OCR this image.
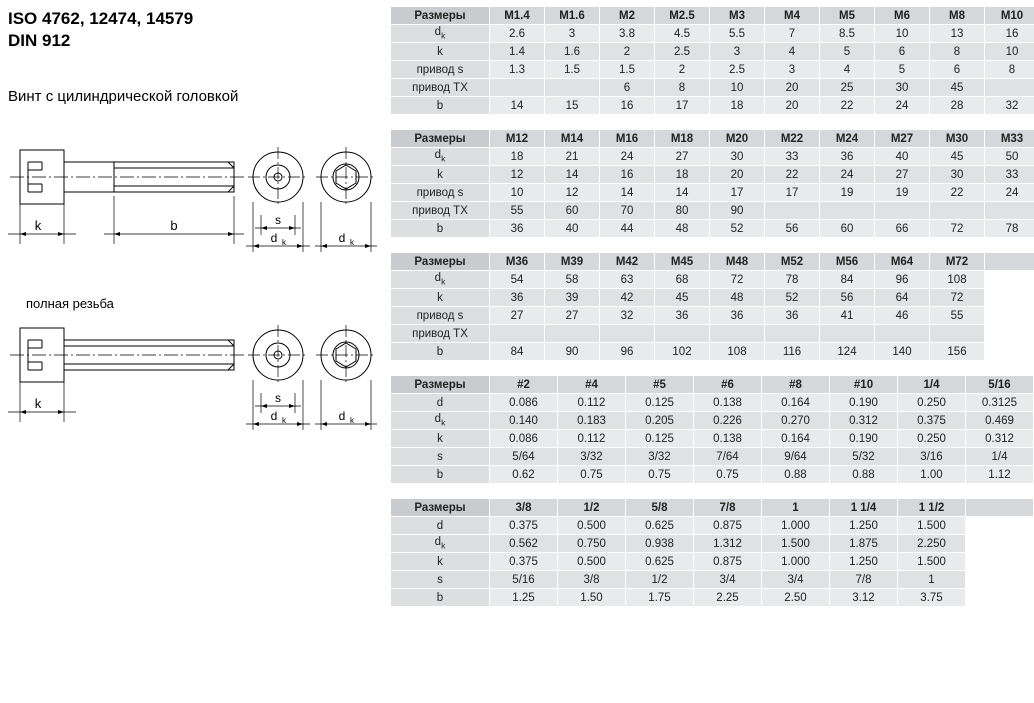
ISO 4762, 12474, 14579
DIN 912
Винт с цилиндрической головкой
k	b	s
d k	d k
полная резьба
k	s
d k	d k
Размеры	M1.4	M1.6	M2	M2.5	M3	M4	M5	M6	M8	M10
$d_k$	2.6	3	3.8	4.5	5.5	7	8.5	10	13	16
k	1.4	1.6	2	2.5	3	4	5	6	8	10
привод s	1.3	1.5	1.5	2	2.5	3	4	5	6	8
привод TX			6	8	10	20	25	30	45	
b	14	15	16	17	18	20	22	24	28	32
Размеры	M12	M14	M16	M18	M20	M22	M24	M27	M30	M33
$d_k$	18	21	24	27	30	33	36	40	45	50
k	12	14	16	18	20	22	24	27	30	33
привод s	10	12	14	14	17	17	19	19	22	24
привод TX	55	60	70	80	90					
b	36	40	44	48	52	56	60	66	72	78
Размеры	M36	M39	M42	M45	M48	M52	M56	M64	M72	
$d_k$	54	58	63	68	72	78	84	96	108	
k	36	39	42	45	48	52	56	64	72	
привод s	27	27	32	36	36	36	41	46	55	
привод TX										
b	84	90	96	102	108	116	124	140	156	
Размеры	#2	#4	#5	#6	#8	#10	1/4	5/16
d	0.086	0.112	0.125	0.138	0.164	0.190	0.250	0.3125
$d_k$	0.140	0.183	0.205	0.226	0.270	0.312	0.375	0.469
k	0.086	0.112	0.125	0.138	0.164	0.190	0.250	0.312
s	5/64	3/32	3/32	7/64	9/64	5/32	3/16	1/4
b	0.62	0.75	0.75	0.75	0.88	0.88	1.00	1.12
Размеры	3/8	1/2	5/8	7/8	1	1 1/4	1 1/2	
d	0.375	0.500	0.625	0.875	1.000	1.250	1.500	
$d_k$	0.562	0.750	0.938	1.312	1.500	1.875	2.250	
k	0.375	0.500	0.625	0.875	1.000	1.250	1.500	
s	5/16	3/8	1/2	3/4	3/4	7/8	1	
b	1.25	1.50	1.75	2.25	2.50	3.12	3.75	
